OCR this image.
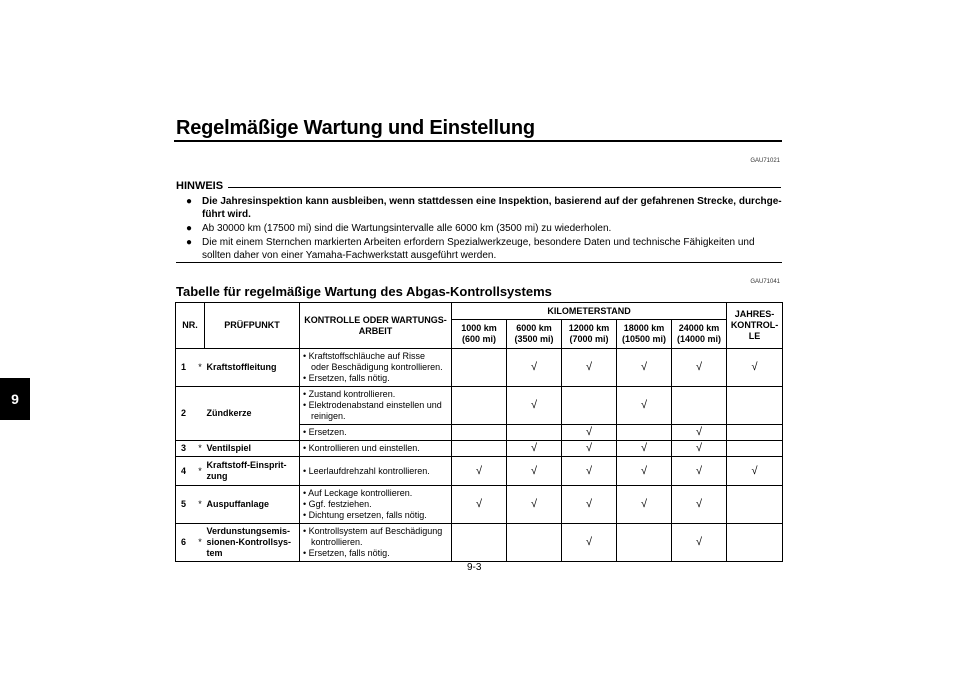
Regelmäßige Wartung und Einstellung
9
GAU71021
HINWEIS
● Die Jahresinspektion kann ausbleiben, wenn stattdessen eine Inspektion, basierend auf der gefahrenen Strecke, durchge-führt wird.
● Ab 30000 km (17500 mi) sind die Wartungsintervalle alle 6000 km (3500 mi) zu wiederholen.
● Die mit einem Sternchen markierten Arbeiten erfordern Spezialwerkzeuge, besondere Daten und technische Fähigkeiten und sollten daher von einer Yamaha-Fachwerkstatt ausgeführt werden.
GAU71041
Tabelle für regelmäßige Wartung des Abgas-Kontrollsystems
NR.		PRÜFPUNKT	KONTROLLE ODER WARTUNGS-ARBEIT	KILOMETERSTAND					JAHRES-KONTROL-LE

				1000 km
(600 mi)	6000 km
(3500 mi)	12000 km
(7000 mi)	18000 km
(10500 mi)	24000 km
(14000 mi)	

1	*	Kraftstoffleitung	• Kraftstoffschläuche auf Risse
oder Beschädigung kontrollieren.
• Ersetzen, falls nötig.		√	√	√	√	√
2		Zündkerze	• Zustand kontrollieren.
• Elektrodenabstand einstellen und
reinigen.		√		√		
			• Ersetzen.			√		√	
3	*	Ventilspiel	• Kontrollieren und einstellen.		√	√	√	√	
4	*	Kraftstoff-Einsprit-zung	• Leerlaufdrehzahl kontrollieren.	√	√	√	√	√	√
5	*	Auspuffanlage	• Auf Leckage kontrollieren.
• Ggf. festziehen.
• Dichtung ersetzen, falls nötig.	√	√	√	√	√	
6	*	Verdunstungsemis-sionen-Kontrollsys-tem	• Kontrollsystem auf Beschädigung
kontrollieren.
• Ersetzen, falls nötig.			√		√	
9-3
